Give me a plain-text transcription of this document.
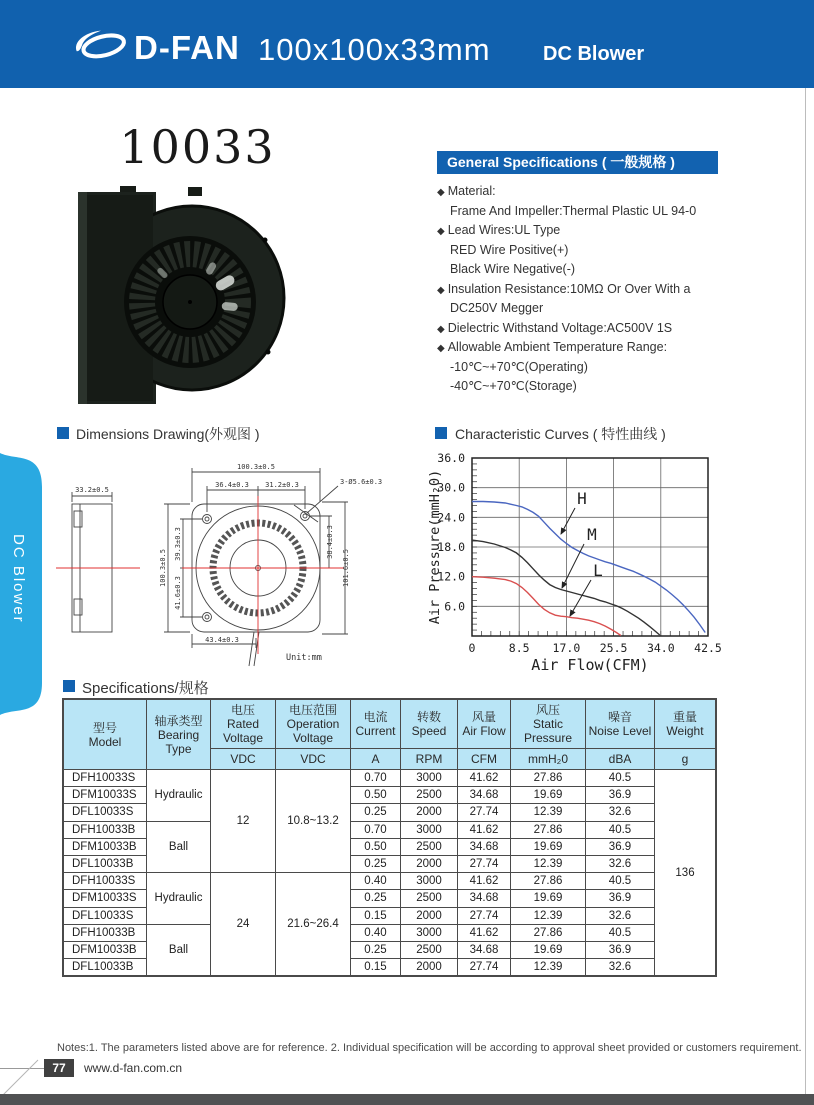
D-FAN 100x100x33mm	DC Blower
10033	General Specifications ( 一般规格 )
◆ Material:
Frame And Impeller:Thermal Plastic UL 94-0
◆ Lead Wires:UL Type
RED Wire Positive(+)
Black Wire Negative(-)
◆ Insulation Resistance:10MΩ Or Over With a
DC250V Megger
◆ Dielectric Withstand Voltage:AC500V 1S
◆ Allowable Ambient Temperature Range:
-10℃~+70℃(Operating)
-40℃~+70℃(Storage)
Dimensions Drawing(外观图 )	Characteristic Curves ( 特性曲线 )
DC Blower
33.2±0.5
100.3±0.5
36.4±0.3 31.2±0.3	3-Ø5.6±0.3
100.3±0.5
39.3±0.3
41.6±0.3
38.4±0.3
101.6±0.5
43.4±0.3
Unit:mm
0	8.5 17.0 25.5 34.0 42.5
6.0
12.0
18.0
24.0
30.0
36.0
Air Flow(CFM)
Air Pressure(mmH₂0)	H
M
L
Specifications/规格
型号
Model	轴承类型
Bearing Type	电压
Rated Voltage	电压范围
Operation Voltage	电流
Current	转数
Speed	风量
Air Flow	风压
Static Pressure	噪音
Noise Level	重量
Weight

		VDC	VDC	A	RPM	CFM	mmH₂0	dBA	g
DFH10033S	Hydraulic	12	10.8~13.2	0.70	3000	41.62	27.86	40.5	136
DFM10033S				0.50	2500	34.68	19.69	36.9	
DFL10033S				0.25	2000	27.74	12.39	32.6	
DFH10033B	Ball			0.70	3000	41.62	27.86	40.5	
DFM10033B				0.50	2500	34.68	19.69	36.9	
DFL10033B				0.25	2000	27.74	12.39	32.6	
DFH10033S	Hydraulic	24	21.6~26.4	0.40	3000	41.62	27.86	40.5	
DFM10033S				0.25	2500	34.68	19.69	36.9	
DFL10033S				0.15	2000	27.74	12.39	32.6	
DFH10033B	Ball			0.40	3000	41.62	27.86	40.5	
DFM10033B				0.25	2500	34.68	19.69	36.9	
DFL10033B				0.15	2000	27.74	12.39	32.6	
Notes:1. The parameters listed above are for reference. 2. Individual specification will be according to approval sheet provided or customers requirement.
77	www.d-fan.com.cn
